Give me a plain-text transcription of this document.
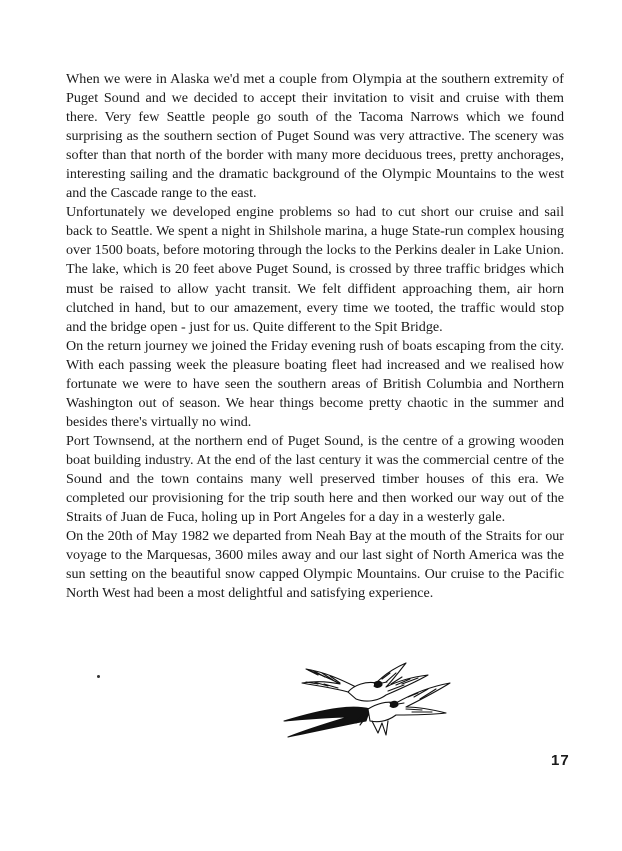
When we were in Alaska we'd met a couple from Olympia at the southern extremity of Puget Sound and we decided to accept their invitation to visit and cruise with them there. Very few Seattle people go south of the Tacoma Narrows which we found surprising as the southern section of Puget Sound was very attractive. The scenery was softer than that north of the border with many more deciduous trees, pretty anchorages, interesting sailing and the dramatic background of the Olympic Mountains to the west and the Cascade range to the east.

Unfortunately we developed engine problems so had to cut short our cruise and sail back to Seattle. We spent a night in Shilshole marina, a huge State-run complex housing over 1500 boats, before motoring through the locks to the Perkins dealer in Lake Union. The lake, which is 20 feet above Puget Sound, is crossed by three traffic bridges which must be raised to allow yacht transit. We felt diffident approaching them, air horn clutched in hand, but to our amazement, every time we tooted, the traffic would stop and the bridge open - just for us. Quite different to the Spit Bridge.

On the return journey we joined the Friday evening rush of boats escaping from the city. With each passing week the pleasure boating fleet had increased and we realised how fortunate we were to have seen the southern areas of British Columbia and Northern Washington out of season. We hear things become pretty chaotic in the summer and besides there's virtually no wind.

Port Townsend, at the northern end of Puget Sound, is the centre of a growing wooden boat building industry. At the end of the last century it was the commercial centre of the Sound and the town contains many well preserved timber houses of this era. We completed our provisioning for the trip south here and then worked our way out of the Straits of Juan de Fuca, holing up in Port Angeles for a day in a westerly gale.

On the 20th of May 1982 we departed from Neah Bay at the mouth of the Straits for our voyage to the Marquesas, 3600 miles away and our last sight of North America was the sun setting on the beautiful snow capped Olympic Mountains. Our cruise to the Pacific North West had been a most delightful and satisfying experience.

17
